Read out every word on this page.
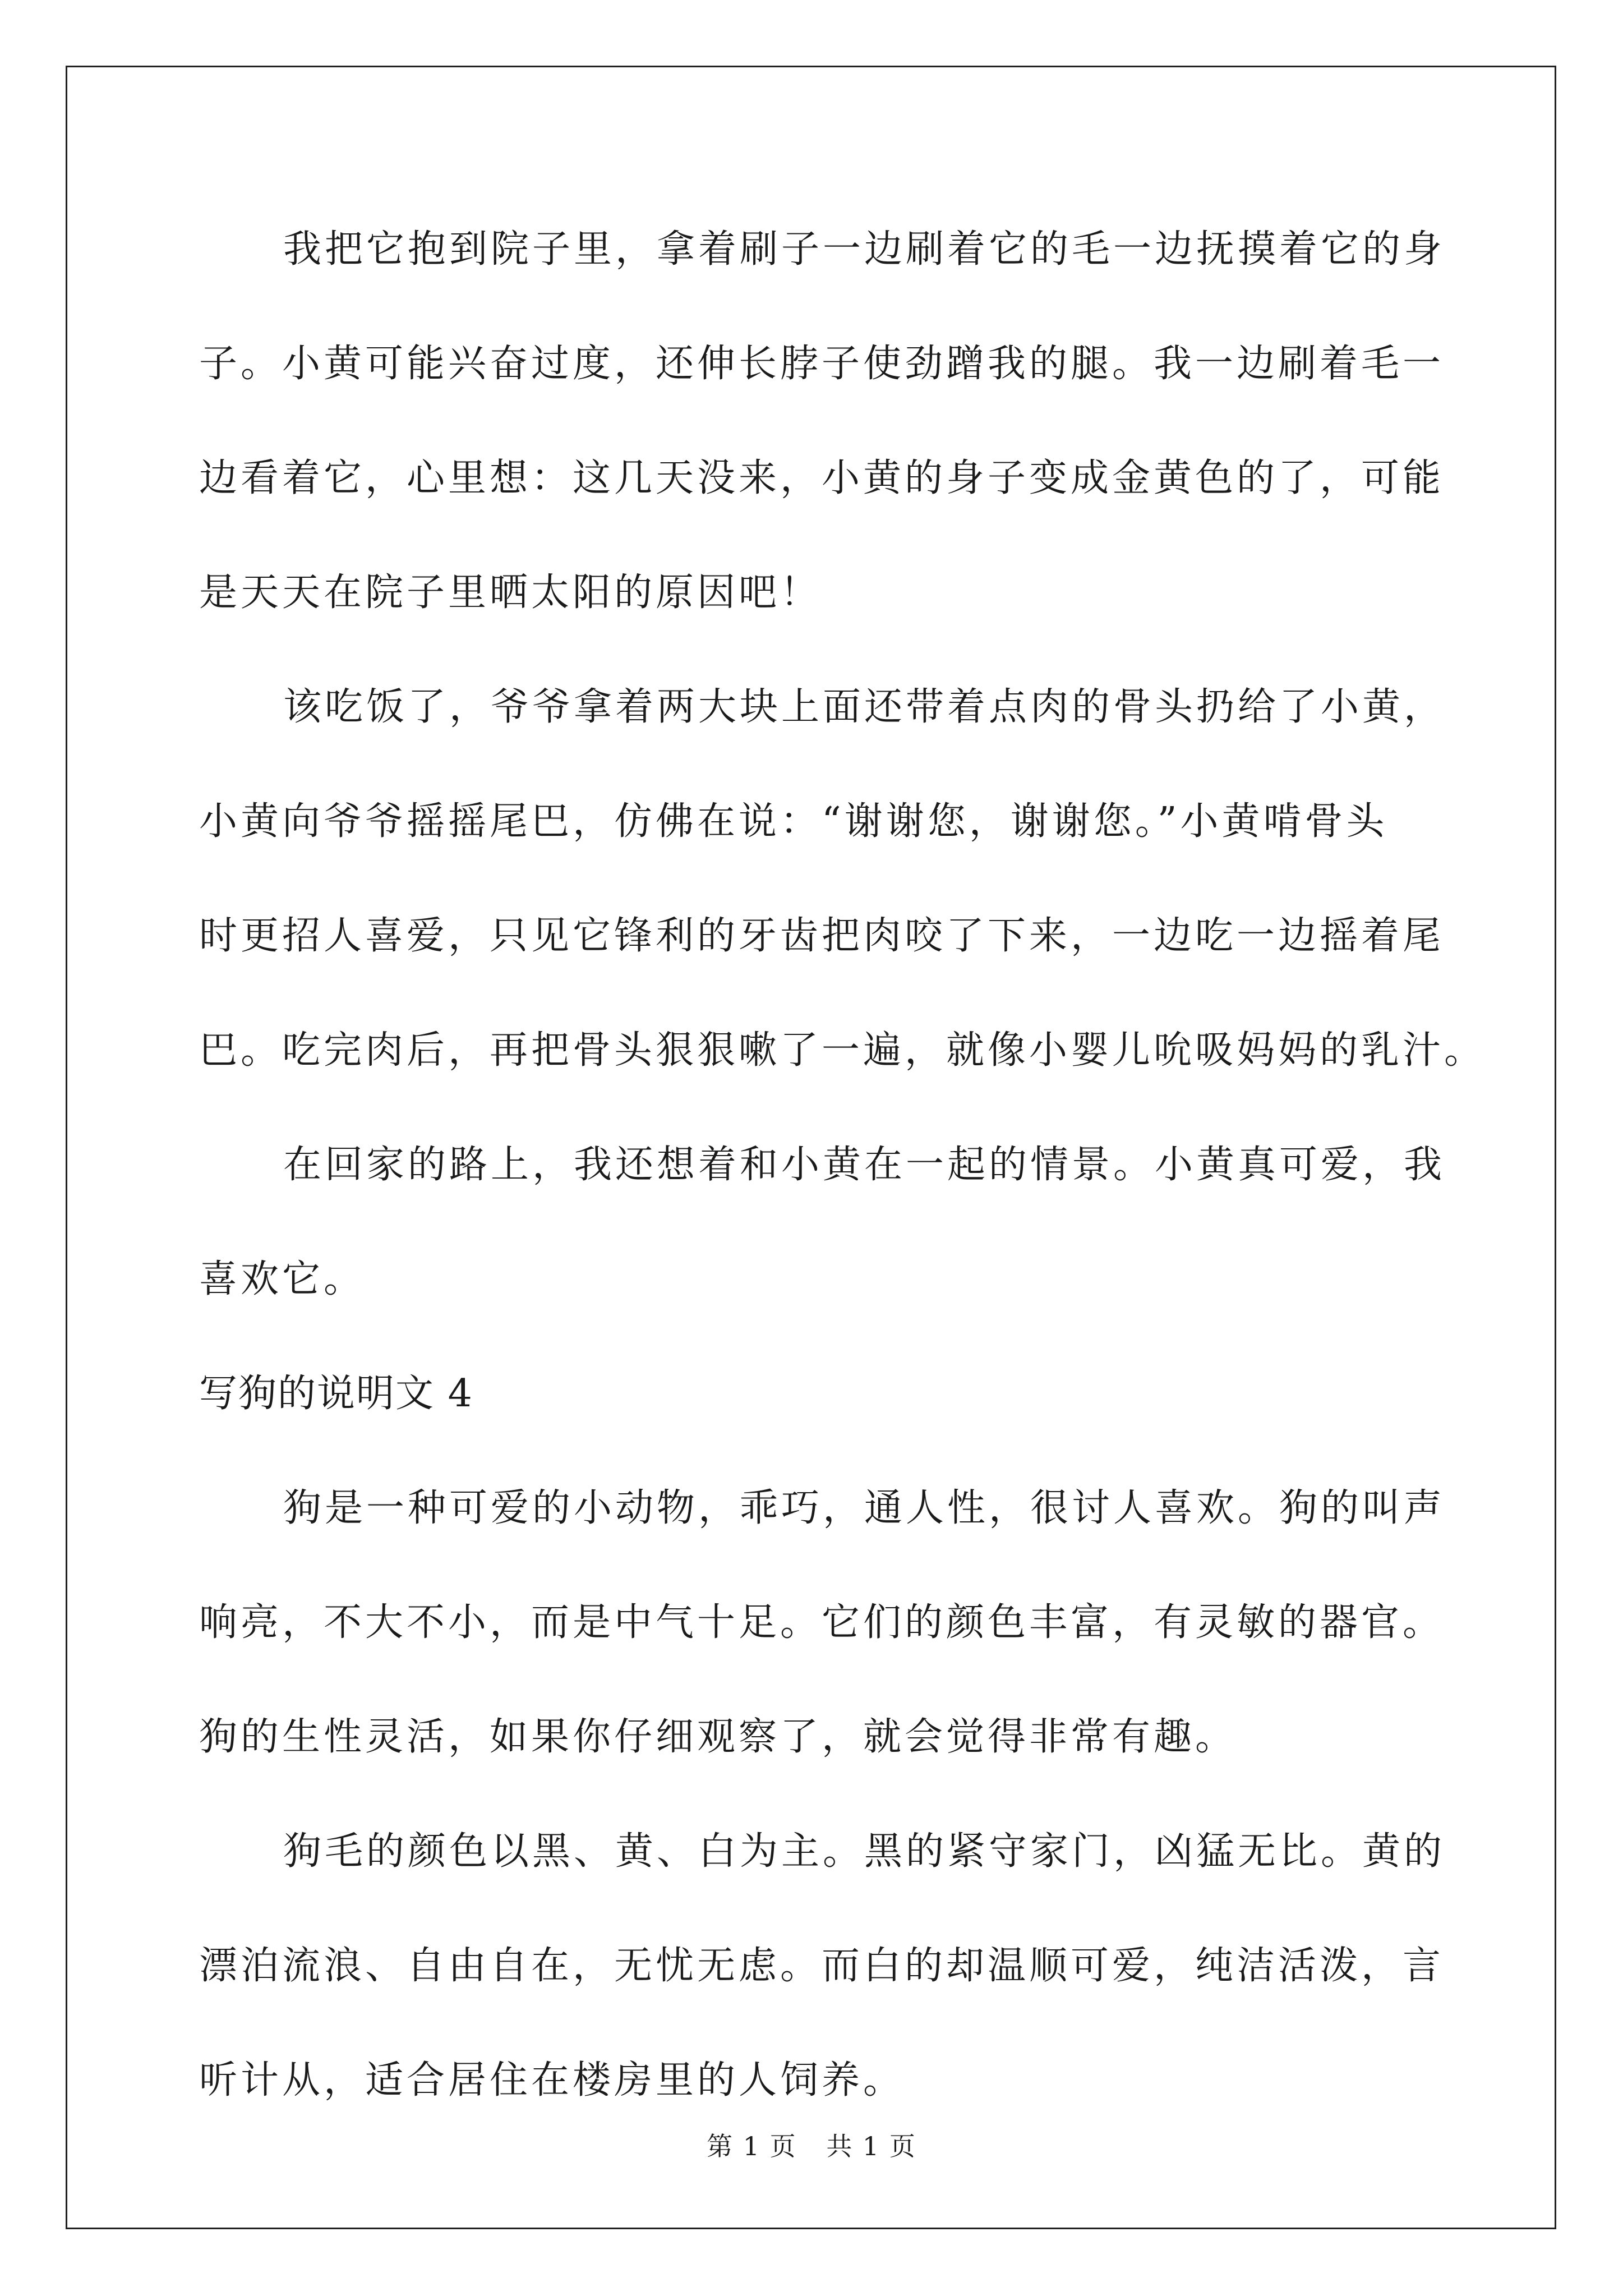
我把它抱到院子里，拿着刷子一边刷着它的毛一边抚摸着它的身
子。小黄可能兴奋过度，还伸长脖子使劲蹭我的腿。我一边刷着毛一
边看着它，心里想：这几天没来，小黄的身子变成金黄色的了，可能
是天天在院子里晒太阳的原因吧！
该吃饭了，爷爷拿着两大块上面还带着点肉的骨头扔给了小黄，
小黄向爷爷摇摇尾巴，仿佛在说：“谢谢您，谢谢您。”小黄啃骨头
时更招人喜爱，只见它锋利的牙齿把肉咬了下来，一边吃一边摇着尾
巴。吃完肉后，再把骨头狠狠嗽了一遍，就像小婴儿吮吸妈妈的乳汁。
在回家的路上，我还想着和小黄在一起的情景。小黄真可爱，我
喜欢它。
写狗的说明文 4
狗是一种可爱的小动物，乖巧，通人性，很讨人喜欢。狗的叫声
响亮，不大不小，而是中气十足。它们的颜色丰富，有灵敏的器官。
狗的生性灵活，如果你仔细观察了，就会觉得非常有趣。
狗毛的颜色以黑、黄、白为主。黑的紧守家门，凶猛无比。黄的
漂泊流浪、自由自在，无忧无虑。而白的却温顺可爱，纯洁活泼，言
听计从，适合居住在楼房里的人饲养。
第 1 页 共 1 页
